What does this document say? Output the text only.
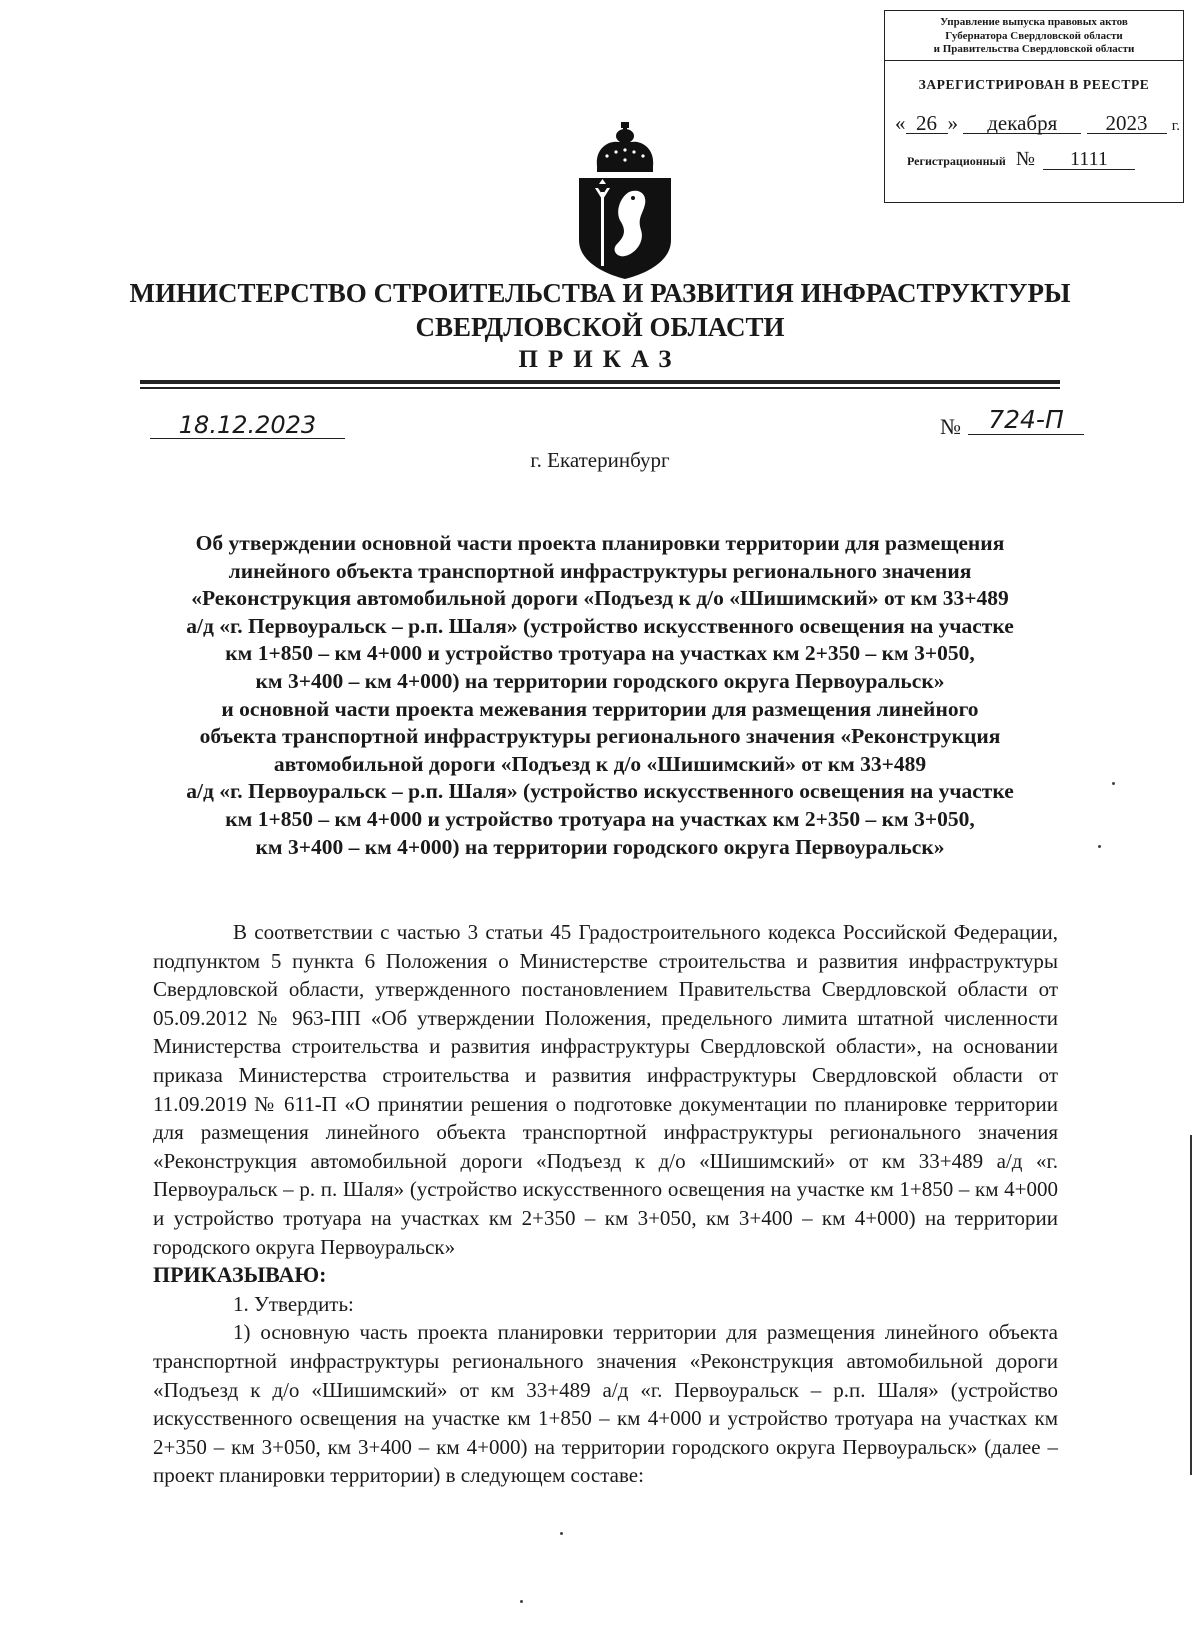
Управление выпуска правовых актов
Губернатора Свердловской области
и Правительства Свердловской области
ЗАРЕГИСТРИРОВАН В РЕЕСТРЕ
« 26 » декабря 2023 г.
Регистрационный № 1111
МИНИСТЕРСТВО СТРОИТЕЛЬСТВА И РАЗВИТИЯ ИНФРАСТРУКТУРЫ
СВЕРДЛОВСКОЙ ОБЛАСТИ
ПРИКАЗ
18.12.2023	№	724-П
г. Екатеринбург
Об утверждении основной части проекта планировки территории для размещения
линейного объекта транспортной инфраструктуры регионального значения
«Реконструкция автомобильной дороги «Подъезд к д/о «Шишимский» от км 33+489
а/д «г. Первоуральск – р.п. Шаля» (устройство искусственного освещения на участке
км 1+850 – км 4+000 и устройство тротуара на участках км 2+350 – км 3+050,
км 3+400 – км 4+000) на территории городского округа Первоуральск»
и основной части проекта межевания территории для размещения линейного
объекта транспортной инфраструктуры регионального значения «Реконструкция
автомобильной дороги «Подъезд к д/о «Шишимский» от км 33+489
а/д «г. Первоуральск – р.п. Шаля» (устройство искусственного освещения на участке
км 1+850 – км 4+000 и устройство тротуара на участках км 2+350 – км 3+050,
км 3+400 – км 4+000) на территории городского округа Первоуральск»

В соответствии с частью 3 статьи 45 Градостроительного кодекса Российской Федерации, подпунктом 5 пункта 6 Положения о Министерстве строительства и развития инфраструктуры Свердловской области, утвержденного постановлением Правительства Свердловской области от 05.09.2012 № 963-ПП «Об утверждении Положения, предельного лимита штатной численности Министерства строительства и развития инфраструктуры Свердловской области», на основании приказа Министерства строительства и развития инфраструктуры Свердловской области от 11.09.2019 № 611-П «О принятии решения о подготовке документации по планировке территории для размещения линейного объекта транспортной инфраструктуры регионального значения «Реконструкция автомобильной дороги «Подъезд к д/о «Шишимский» от км 33+489 а/д «г. Первоуральск – р. п. Шаля» (устройство искусственного освещения на участке км 1+850 – км 4+000 и устройство тротуара на участках км 2+350 – км 3+050, км 3+400 – км 4+000) на территории городского округа Первоуральск»

ПРИКАЗЫВАЮ:

1. Утвердить:

1) основную часть проекта планировки территории для размещения линейного объекта транспортной инфраструктуры регионального значения «Реконструкция автомобильной дороги «Подъезд к д/о «Шишимский» от км 33+489 а/д «г. Первоуральск – р.п. Шаля» (устройство искусственного освещения на участке км 1+850 – км 4+000 и устройство тротуара на участках км 2+350 – км 3+050, км 3+400 – км 4+000) на территории городского округа Первоуральск» (далее – проект планировки территории) в следующем составе:
